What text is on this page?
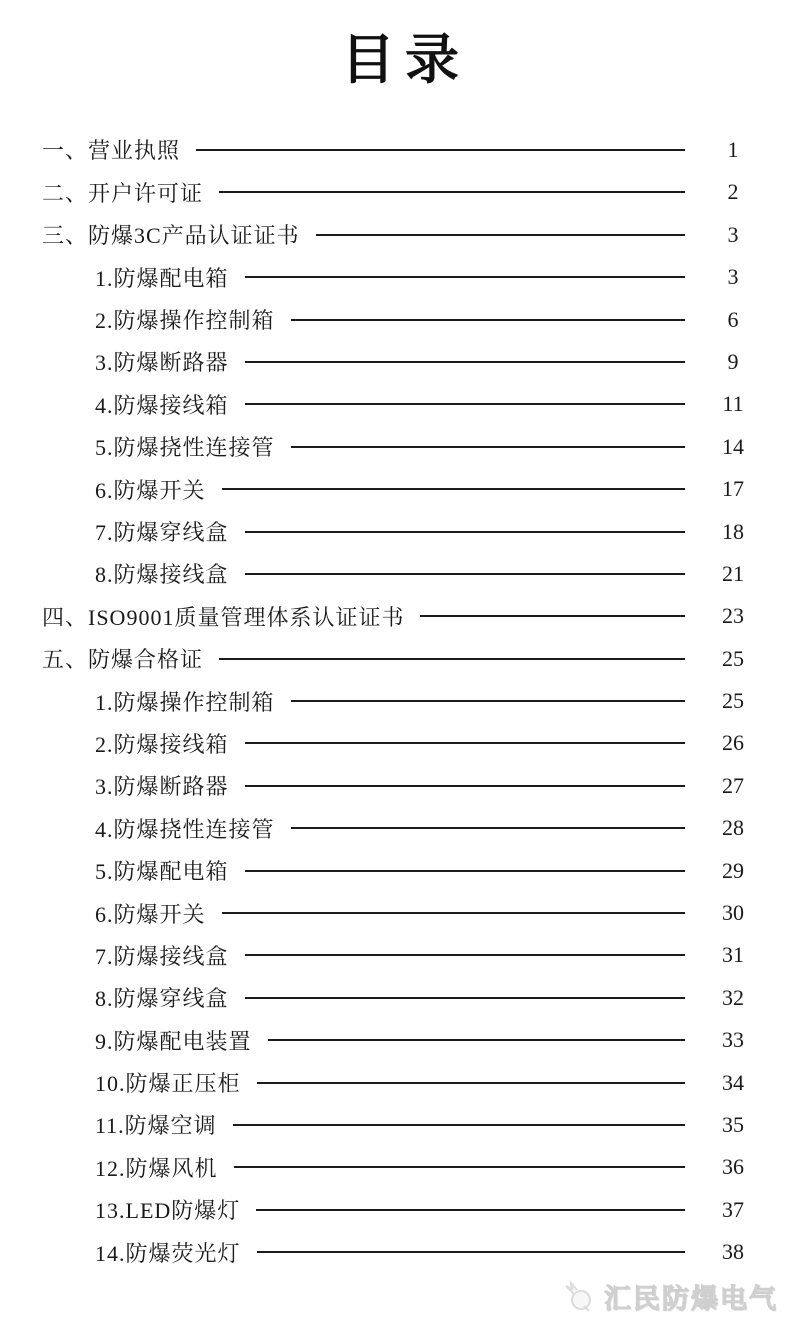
目录
一、营业执照	1
二、开户许可证	2
三、防爆3C产品认证证书	3
1.防爆配电箱	3
2.防爆操作控制箱	6
3.防爆断路器	9
4.防爆接线箱	11
5.防爆挠性连接管	14
6.防爆开关	17
7.防爆穿线盒	18
8.防爆接线盒	21
四、ISO9001质量管理体系认证证书	23
五、防爆合格证	25
1.防爆操作控制箱	25
2.防爆接线箱	26
3.防爆断路器	27
4.防爆挠性连接管	28
5.防爆配电箱	29
6.防爆开关	30
7.防爆接线盒	31
8.防爆穿线盒	32
9.防爆配电装置	33
10.防爆正压柜	34
11.防爆空调	35
12.防爆风机	36
13.LED防爆灯	37
14.防爆荧光灯	38
汇民防爆电气
